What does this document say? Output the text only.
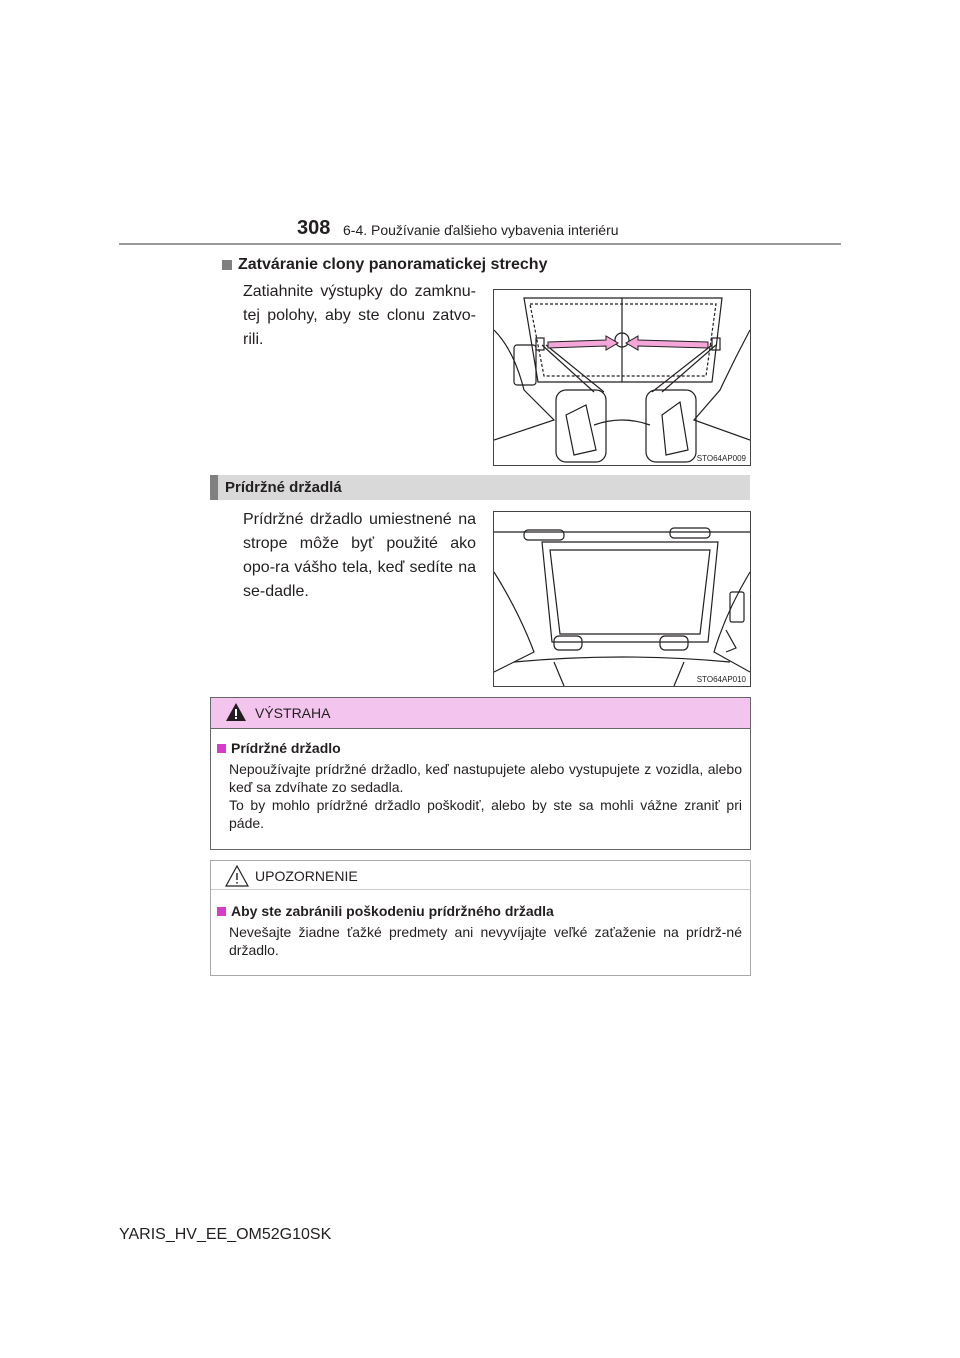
308 6-4. Používanie ďalšieho vybavenia interiéru
Zatváranie clony panoramatickej strechy
Zatiahnite výstupky do zamknu-tej polohy, aby ste clonu zatvo-rili.
STO64AP009
Prídržné držadlá
Prídržné držadlo umiestnené na strope môže byť použité ako opo-ra vášho tela, keď sedíte na se-dadle.
STO64AP010
VÝSTRAHA
Prídržné držadlo
Nepoužívajte prídržné držadlo, keď nastupujete alebo vystupujete z vozidla, alebo keď sa zdvíhate zo sedadla.
To by mohlo prídržné držadlo poškodiť, alebo by ste sa mohli vážne zraniť pri páde.
UPOZORNENIE
Aby ste zabránili poškodeniu prídržného držadla
Nevešajte žiadne ťažké predmety ani nevyvíjajte veľké zaťaženie na prídrž-né držadlo.
YARIS_HV_EE_OM52G10SK
